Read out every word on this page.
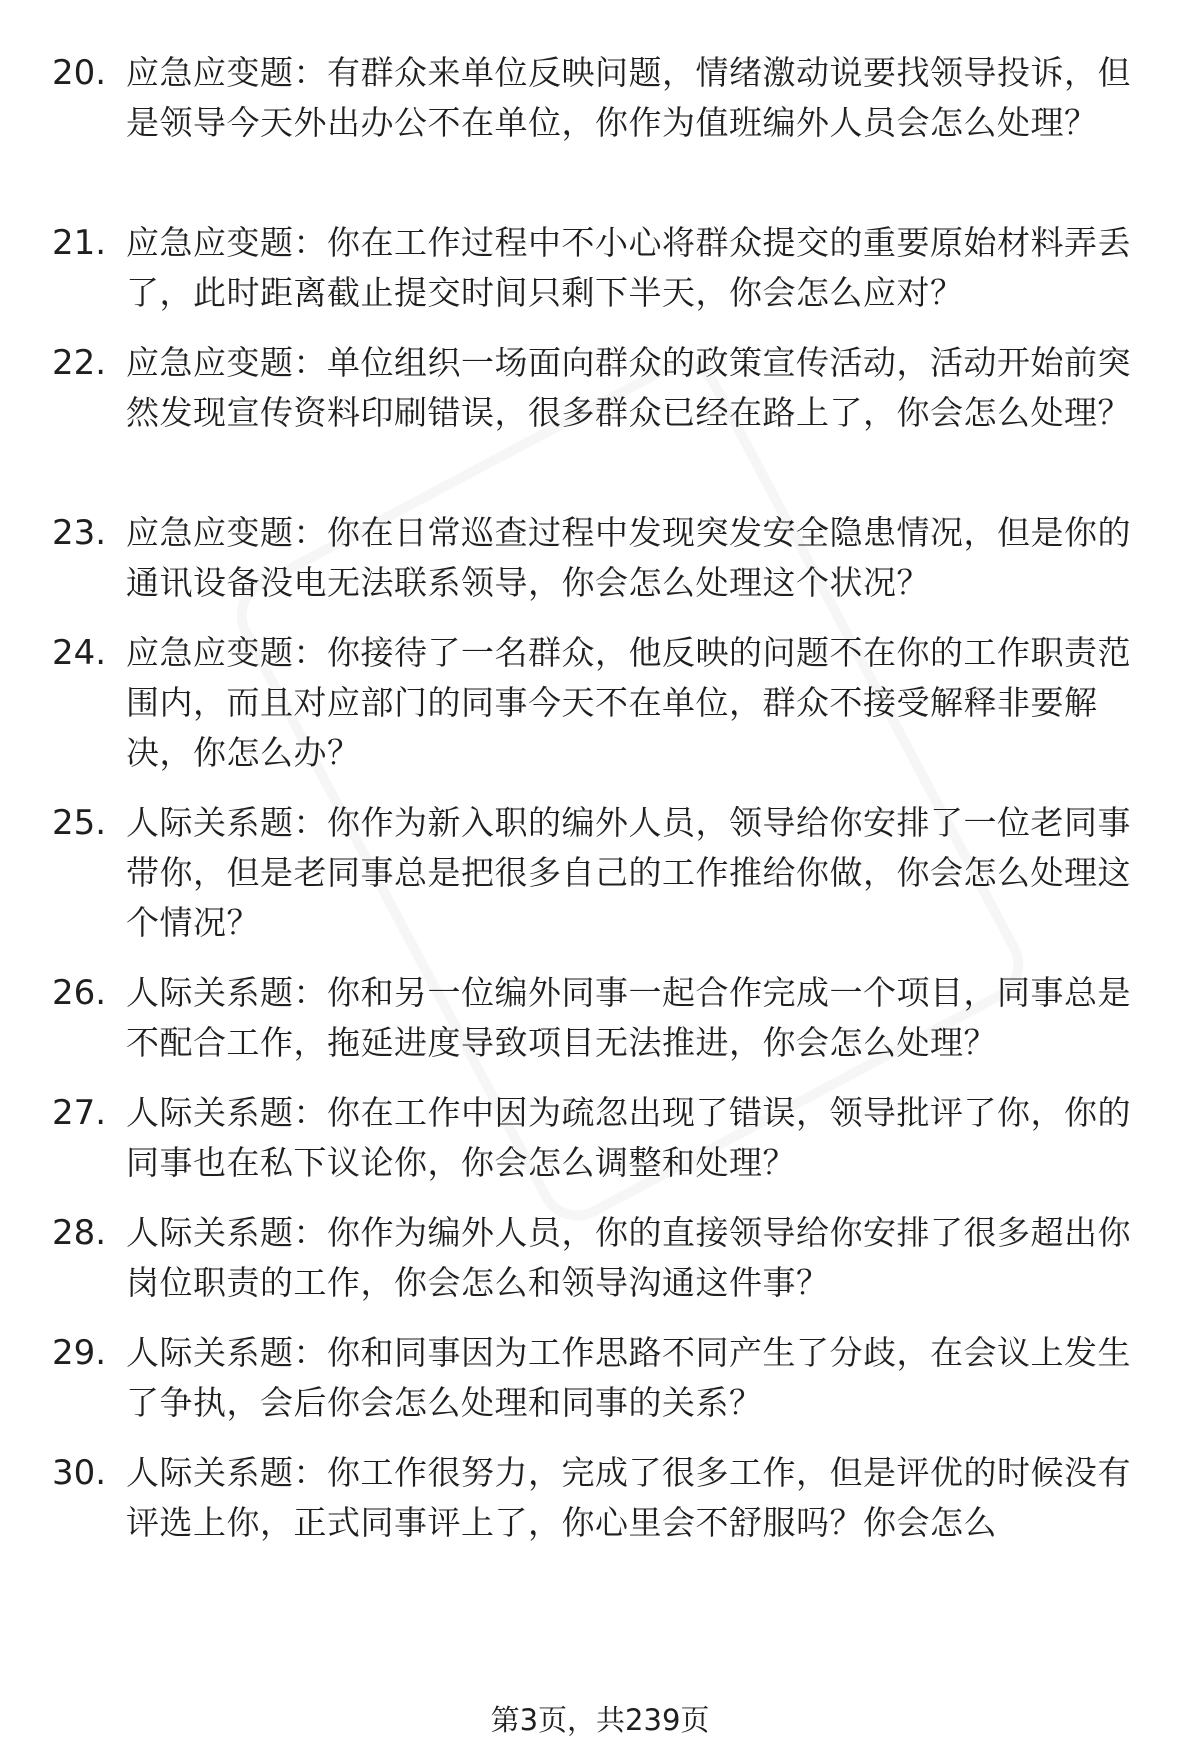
20. 应急应变题：有群众来单位反映问题，情绪激动说要找领导投诉，但是领导今天外出办公不在单位，你作为值班编外人员会怎么处理？
21. 应急应变题：你在工作过程中不小心将群众提交的重要原始材料弄丢了，此时距离截止提交时间只剩下半天，你会怎么应对？
22. 应急应变题：单位组织一场面向群众的政策宣传活动，活动开始前突然发现宣传资料印刷错误，很多群众已经在路上了，你会怎么处理？
23. 应急应变题：你在日常巡查过程中发现突发安全隐患情况，但是你的通讯设备没电无法联系领导，你会怎么处理这个状况？
24. 应急应变题：你接待了一名群众，他反映的问题不在你的工作职责范围内，而且对应部门的同事今天不在单位，群众不接受解释非要解决，你怎么办？
25. 人际关系题：你作为新入职的编外人员，领导给你安排了一位老同事带你，但是老同事总是把很多自己的工作推给你做，你会怎么处理这个情况？
26. 人际关系题：你和另一位编外同事一起合作完成一个项目，同事总是不配合工作，拖延进度导致项目无法推进，你会怎么处理？
27. 人际关系题：你在工作中因为疏忽出现了错误，领导批评了你，你的同事也在私下议论你，你会怎么调整和处理？
28. 人际关系题：你作为编外人员，你的直接领导给你安排了很多超出你岗位职责的工作，你会怎么和领导沟通这件事？
29. 人际关系题：你和同事因为工作思路不同产生了分歧，在会议上发生了争执，会后你会怎么处理和同事的关系？
30. 人际关系题：你工作很努力，完成了很多工作，但是评优的时候没有评选上你，正式同事评上了，你心里会不舒服吗？你会怎么
第3页，共239页
